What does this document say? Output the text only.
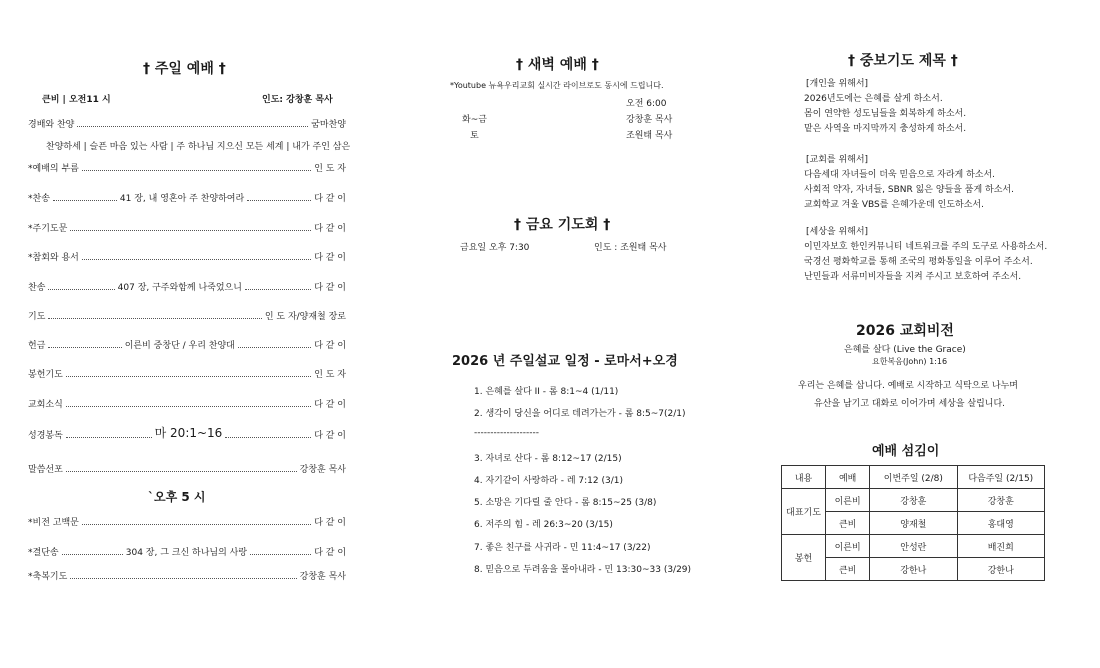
† 주일 예배 †
큰비 | 오전11 시	인도: 강창훈 목사
경배와 찬양	굼마찬양
찬양하세 | 슬픈 마음 있는 사람 | 주 하나님 지으신 모든 세계 | 내가 주인 삼은
*예배의 부름	인 도 자
*찬송	41 장, 내 영혼아 주 찬양하여라	다 같 이
*주기도문	다 같 이
*참회와 용서	다 같 이
찬송	407 장, 구주와함께 나죽었으니	다 같 이
기도	인 도 자/양재철 장로
헌금	이른비 중창단 / 우리 찬양대	다 같 이
봉헌기도	인 도 자
교회소식	다 같 이
성경봉독	마 20:1~16	다 같 이
말씀선포	강창훈 목사
`오후 5 시
*비전 고백문	다 같 이
*결단송	304 장, 그 크신 하나님의 사랑	다 같 이
*축복기도	강창훈 목사
† 새벽 예배 †
*Youtube 뉴욕우리교회 실시간 라이브로도 동시에 드립니다.
오전 6:00
화~금	강창훈 목사
토	조원태 목사
† 금요 기도회 †
금요일 오후 7:30	인도 : 조원태 목사
2026 년 주일설교 일정 - 로마서+오경
1. 은혜를 살다 II - 롬 8:1~4 (1/11)
2. 생각이 당신을 어디로 데려가는가 - 롬 8:5~7(2/1)
--------------------
3. 자녀로 산다 - 롬 8:12~17 (2/15)
4. 자기같이 사랑하라 - 레 7:12 (3/1)
5. 소망은 기다릴 줄 안다 - 롬 8:15~25 (3/8)
6. 저주의 힘 - 레 26:3~20 (3/15)
7. 좋은 친구를 사귀라 - 민 11:4~17 (3/22)
8. 믿음으로 두려움을 몰아내라 - 민 13:30~33 (3/29)
† 중보기도 제목 †
[개인을 위해서]
2026년도에는 은혜를 살게 하소서.
몸이 연약한 성도님들을 회복하게 하소서.
맡은 사역을 마지막까지 충성하게 하소서.
[교회를 위해서]
다음세대 자녀들이 더욱 믿음으로 자라게 하소서.
사회적 약자, 자녀들, SBNR 잃은 양들을 품게 하소서.
교회학교 겨울 VBS를 은혜가운데 인도하소서.
[세상을 위해서]
이민자보호 한인커뮤니티 네트워크를 주의 도구로 사용하소서.
국경선 평화학교를 통해 조국의 평화통일을 이루어 주소서.
난민들과 서류미비자들을 지켜 주시고 보호하여 주소서.
2026 교회비전
은혜를 살다 (Live the Grace)
요한복음(John) 1:16
우리는 은혜를 삽니다. 예배로 시작하고 식탁으로 나누며
유산을 남기고 대화로 이어가며 세상을 살립니다.
예배 섬김이
내용	예배	이번주일 (2/8)	다음주일 (2/15)
대표기도	이른비	강창훈	강창훈
	큰비	양재철	홍대영
봉헌	이른비	안성란	배진희
	큰비	강한나	강한나
